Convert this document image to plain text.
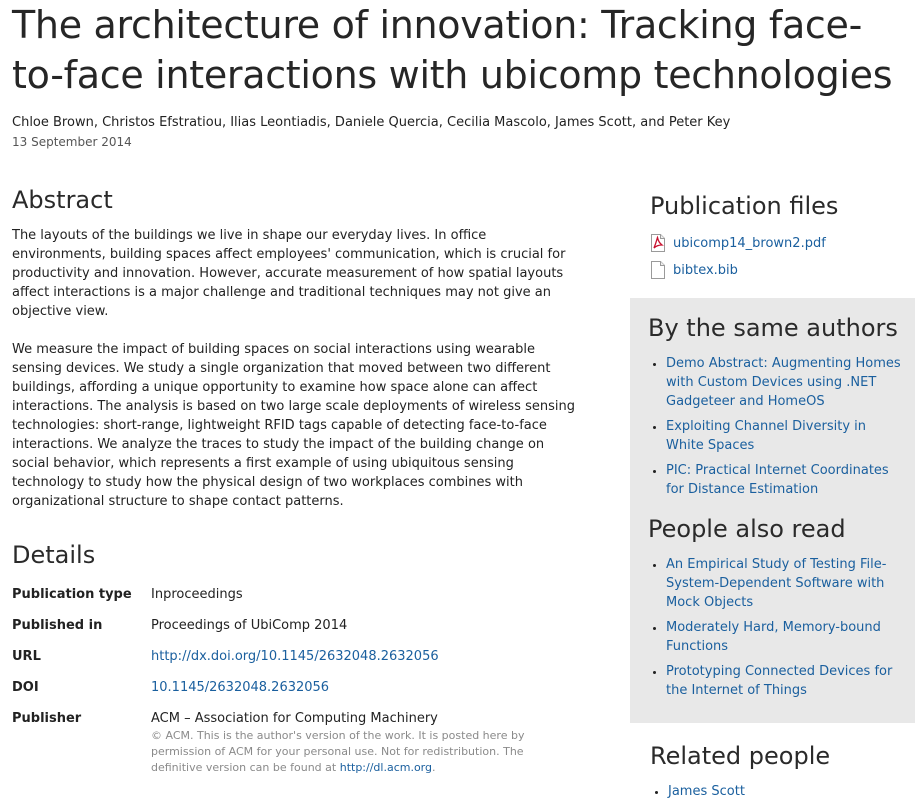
The architecture of innovation: Tracking face-to-face interactions with ubicomp technologies
Chloe Brown, Christos Efstratiou, Ilias Leontiadis, Daniele Quercia, Cecilia Mascolo, James Scott, and Peter Key
13 September 2014
Abstract

The layouts of the buildings we live in shape our everyday lives. In office environments, building spaces affect employees' communication, which is crucial for productivity and innovation. However, accurate measurement of how spatial layouts affect interactions is a major challenge and traditional techniques may not give an objective view.

We measure the impact of building spaces on social interactions using wearable sensing devices. We study a single organization that moved between two different buildings, affording a unique opportunity to examine how space alone can affect interactions. The analysis is based on two large scale deployments of wireless sensing technologies: short-range, lightweight RFID tags capable of detecting face-to-face interactions. We analyze the traces to study the impact of the building change on social behavior, which represents a first example of using ubiquitous sensing technology to study how the physical design of two workplaces combines with organizational structure to shape contact patterns.

Details
Publication type	Inproceedings
Published in	Proceedings of UbiComp 2014
URL	http://dx.doi.org/10.1145/2632048.2632056
DOI	10.1145/2632048.2632056
Publisher	ACM – Association for Computing Machinery
© ACM. This is the author's version of the work. It is posted here by permission of ACM for your personal use. Not for redistribution. The definitive version can be found at http://dl.acm.org.
Publication files
ubicomp14_brown2.pdf
bibtex.bib
By the same authors
• Demo Abstract: Augmenting Homes with Custom Devices using .NET Gadgeteer and HomeOS
• Exploiting Channel Diversity in White Spaces
• PIC: Practical Internet Coordinates for Distance Estimation
People also read
• An Empirical Study of Testing File-System-Dependent Software with Mock Objects
• Moderately Hard, Memory-bound Functions
• Prototyping Connected Devices for the Internet of Things
Related people
• James Scott
